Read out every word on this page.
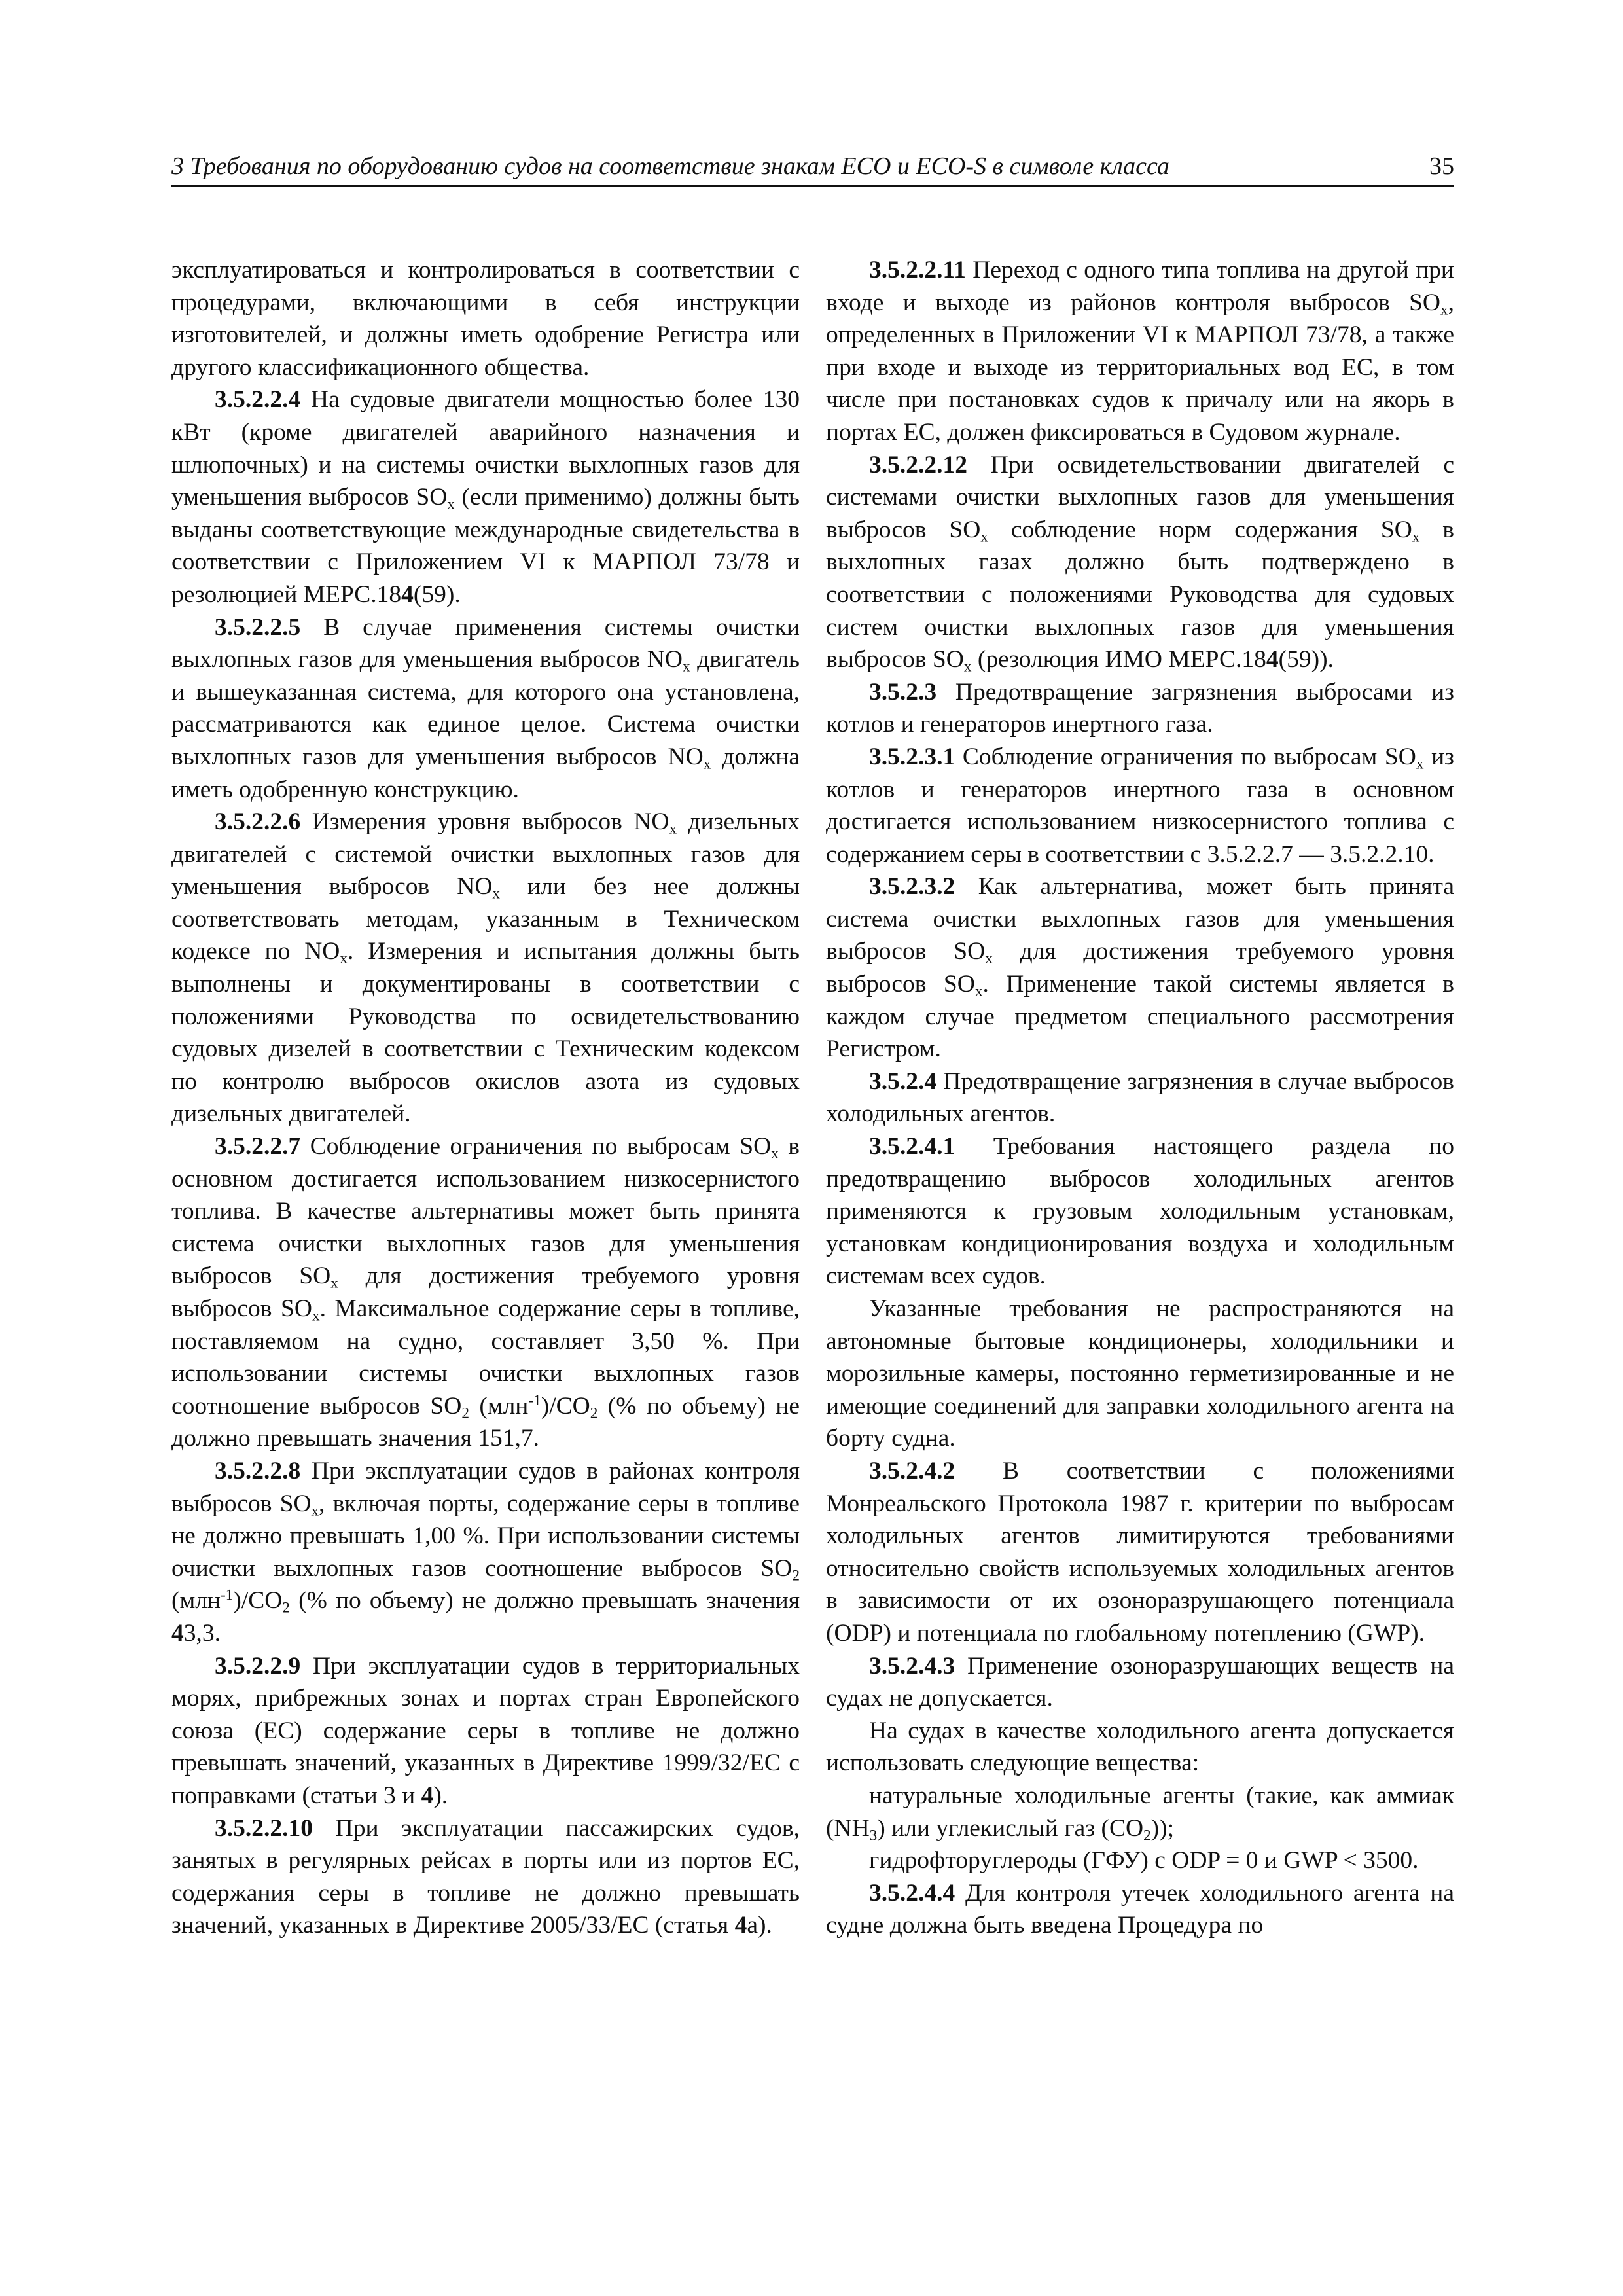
3 Требования по оборудованию судов на соответствие знакам ECO и ECO-S в символе класса	35

эксплуатироваться и контролироваться в соответствии с процедурами, включающими в себя инструкции изготовителей, и должны иметь одобрение Регистра или другого классификационного общества.

3.5.2.2.4 На судовые двигатели мощностью более 130 кВт (кроме двигателей аварийного назначения и шлюпочных) и на системы очистки выхлопных газов для уменьшения выбросов $SO_x$ (если применимо) должны быть выданы соответствующие международные свидетельства в соответствии с Приложением VI к МАРПОЛ 73/78 и резолюцией МЕРС.184(59).

3.5.2.2.5 В случае применения системы очистки выхлопных газов для уменьшения выбросов $NO_x$ двигатель и вышеуказанная система, для которого она установлена, рассматриваются как единое целое. Система очистки выхлопных газов для уменьшения выбросов $NO_x$ должна иметь одобренную конструкцию.

3.5.2.2.6 Измерения уровня выбросов $NO_x$ дизельных двигателей с системой очистки выхлопных газов для уменьшения выбросов $NO_x$ или без нее должны соответствовать методам, указанным в Техническом кодексе по $NO_x$. Измерения и испытания должны быть выполнены и документированы в соответствии с положениями Руководства по освидетельствованию судовых дизелей в соответствии с Техническим кодексом по контролю выбросов окислов азота из судовых дизельных двигателей.

3.5.2.2.7 Соблюдение ограничения по выбросам $SO_x$ в основном достигается использованием низкосернистого топлива. В качестве альтернативы может быть принята система очистки выхлопных газов для уменьшения выбросов $SO_x$ для достижения требуемого уровня выбросов $SO_x$. Максимальное содержание серы в топливе, поставляемом на судно, составляет 3,50 %. При использовании системы очистки выхлопных газов соотношение выбросов $SO_2$ $(млн^{-1})/CO_2$ (% по объему) не должно превышать значения 151,7.

3.5.2.2.8 При эксплуатации судов в районах контроля выбросов $SO_x$, включая порты, содержание серы в топливе не должно превышать 1,00 %. При использовании системы очистки выхлопных газов соотношение выбросов $SO_2$ $(млн^{-1})/CO_2$ (% по объему) не должно превышать значения 43,3.

3.5.2.2.9 При эксплуатации судов в территориальных морях, прибрежных зонах и портах стран Европейского союза (ЕС) содержание серы в топливе не должно превышать значений, указанных в Директиве 1999/32/ЕС с поправками (статьи 3 и 4).

3.5.2.2.10 При эксплуатации пассажирских судов, занятых в регулярных рейсах в порты или из портов ЕС, содержания серы в топливе не должно превышать значений, указанных в Директиве 2005/33/ЕС (статья 4а).

3.5.2.2.11 Переход с одного типа топлива на другой при входе и выходе из районов контроля выбросов $SO_x$, определенных в Приложении VI к МАРПОЛ 73/78, а также при входе и выходе из территориальных вод ЕС, в том числе при постановках судов к причалу или на якорь в портах ЕС, должен фиксироваться в Судовом журнале.

3.5.2.2.12 При освидетельствовании двигателей с системами очистки выхлопных газов для уменьшения выбросов $SO_x$ соблюдение норм содержания $SO_x$ в выхлопных газах должно быть подтверждено в соответствии с положениями Руководства для судовых систем очистки выхлопных газов для уменьшения выбросов $SO_x$ (резолюция ИМО МЕРС.184(59)).

3.5.2.3 Предотвращение загрязнения выбросами из котлов и генераторов инертного газа.

3.5.2.3.1 Соблюдение ограничения по выбросам $SO_x$ из котлов и генераторов инертного газа в основном достигается использованием низкосернистого топлива с содержанием серы в соответствии с 3.5.2.2.7 — 3.5.2.2.10.

3.5.2.3.2 Как альтернатива, может быть принята система очистки выхлопных газов для уменьшения выбросов $SO_x$ для достижения требуемого уровня выбросов $SO_x$. Применение такой системы является в каждом случае предметом специального рассмотрения Регистром.

3.5.2.4 Предотвращение загрязнения в случае выбросов холодильных агентов.

3.5.2.4.1 Требования настоящего раздела по предотвращению выбросов холодильных агентов применяются к грузовым холодильным установкам, установкам кондиционирования воздуха и холодильным системам всех судов.

Указанные требования не распространяются на автономные бытовые кондиционеры, холодильники и морозильные камеры, постоянно герметизированные и не имеющие соединений для заправки холодильного агента на борту судна.

3.5.2.4.2 В соответствии с положениями Монреальского Протокола 1987 г. критерии по выбросам холодильных агентов лимитируются требованиями относительно свойств используемых холодильных агентов в зависимости от их озоноразрушающего потенциала (ODP) и потенциала по глобальному потеплению (GWP).

3.5.2.4.3 Применение озоноразрушающих веществ на судах не допускается.

На судах в качестве холодильного агента допускается использовать следующие вещества:

натуральные холодильные агенты (такие, как аммиак $(NH_3)$ или углекислый газ $(CO_2)$);

гидрофторуглероды (ГФУ) с ODP = 0 и GWP < 3500.

3.5.2.4.4 Для контроля утечек холодильного агента на судне должна быть введена Процедура по
